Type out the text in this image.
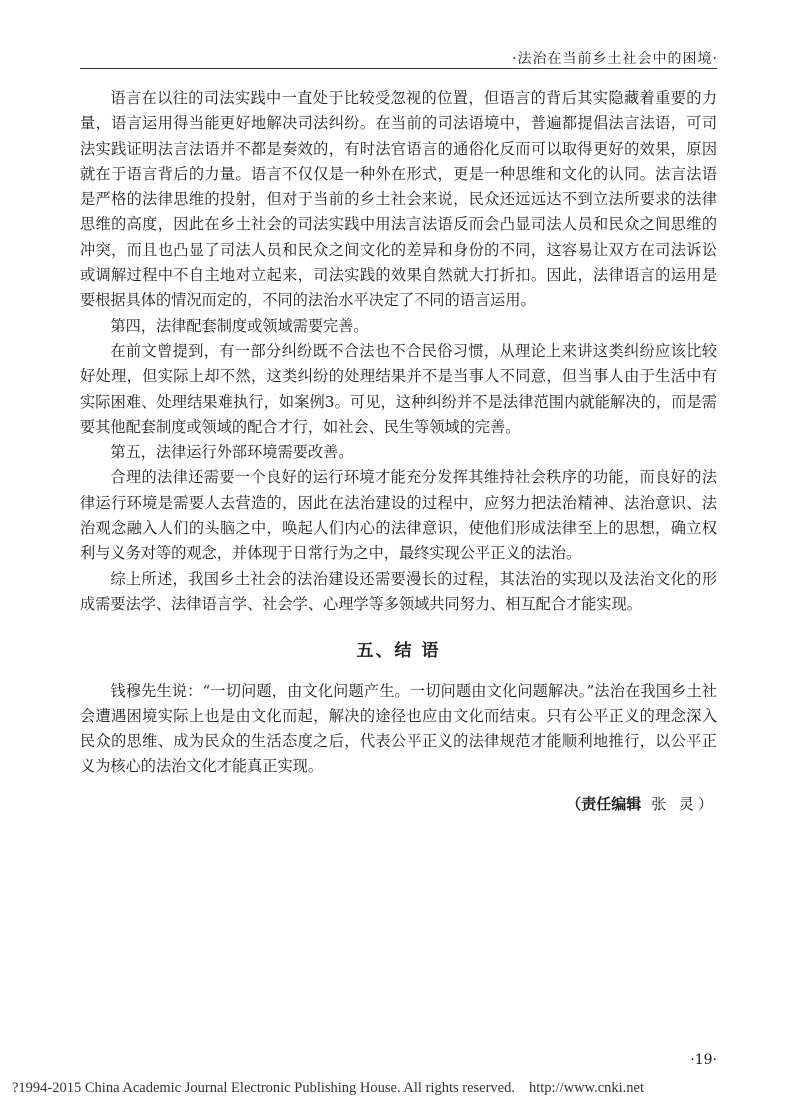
·法治在当前乡土社会中的困境·

语言在以往的司法实践中一直处于比较受忽视的位置，但语言的背后其实隐藏着重要的力量，语言运用得当能更好地解决司法纠纷。在当前的司法语境中，普遍都提倡法言法语，可司法实践证明法言法语并不都是奏效的，有时法官语言的通俗化反而可以取得更好的效果，原因就在于语言背后的力量。语言不仅仅是一种外在形式，更是一种思维和文化的认同。法言法语是严格的法律思维的投射，但对于当前的乡土社会来说，民众还远远达不到立法所要求的法律思维的高度，因此在乡土社会的司法实践中用法言法语反而会凸显司法人员和民众之间思维的冲突，而且也凸显了司法人员和民众之间文化的差异和身份的不同，这容易让双方在司法诉讼或调解过程中不自主地对立起来，司法实践的效果自然就大打折扣。因此，法律语言的运用是要根据具体的情况而定的，不同的法治水平决定了不同的语言运用。

第四，法律配套制度或领域需要完善。

在前文曾提到，有一部分纠纷既不合法也不合民俗习惯，从理论上来讲这类纠纷应该比较好处理，但实际上却不然，这类纠纷的处理结果并不是当事人不同意，但当事人由于生活中有实际困难、处理结果难执行，如案例3。可见，这种纠纷并不是法律范围内就能解决的，而是需要其他配套制度或领域的配合才行，如社会、民生等领域的完善。

第五，法律运行外部环境需要改善。

合理的法律还需要一个良好的运行环境才能充分发挥其维持社会秩序的功能，而良好的法律运行环境是需要人去营造的，因此在法治建设的过程中，应努力把法治精神、法治意识、法治观念融入人们的头脑之中，唤起人们内心的法律意识，使他们形成法律至上的思想，确立权利与义务对等的观念，并体现于日常行为之中，最终实现公平正义的法治。

综上所述，我国乡土社会的法治建设还需要漫长的过程，其法治的实现以及法治文化的形成需要法学、法律语言学、社会学、心理学等多领域共同努力、相互配合才能实现。

五、结 语

钱穆先生说：“一切问题，由文化问题产生。一切问题由文化问题解决。”法治在我国乡土社会遭遇困境实际上也是由文化而起，解决的途径也应由文化而结束。只有公平正义的理念深入民众的思维、成为民众的生活态度之后，代表公平正义的法律规范才能顺利地推行，以公平正义为核心的法治文化才能真正实现。

（责任编辑 张 灵）
·19·
?1994-2015 China Academic Journal Electronic Publishing House. All rights reserved. http://www.cnki.net
